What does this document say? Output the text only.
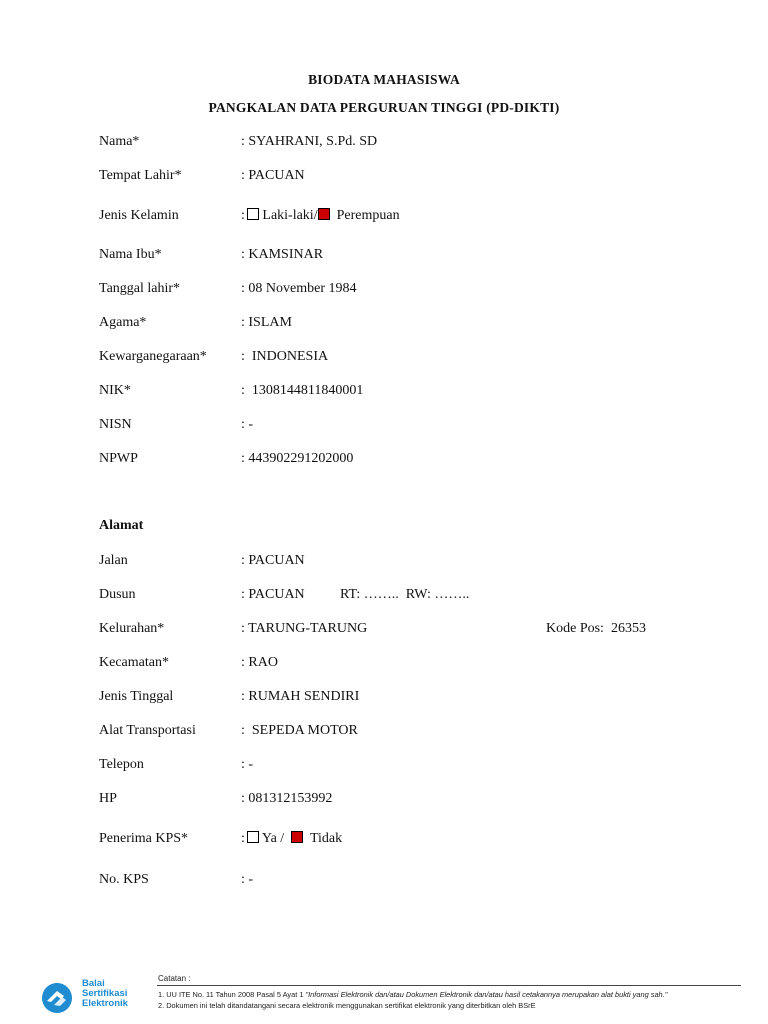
BIODATA MAHASISWA
PANGKALAN DATA PERGURUAN TINGGI (PD-DIKTI)
Nama*	: SYAHRANI, S.Pd. SD
Tempat Lahir*	: PACUAN
Jenis Kelamin	: Laki-laki/ Perempuan
Nama Ibu*	: KAMSINAR
Tanggal lahir*	: 08 November 1984
Agama*	: ISLAM
Kewarganegaraan* :  INDONESIA
NIK*	:  1308144811840001
NISN	: -
NPWP	: 443902291202000
Alamat
Jalan	: PACUAN
Dusun	: PACUAN	RT: ……..  RW: ……..
Kelurahan*	: TARUNG-TARUNG	Kode Pos:  26353
Kecamatan*	: RAO
Jenis Tinggal	: RUMAH SENDIRI
Alat Transportasi	:  SEPEDA MOTOR
Telepon	: -
HP	: 081312153992
Penerima KPS*	: Ya / Tidak
No. KPS	: -
Balai
Sertifikasi
Elektronik
Catatan :
1. UU ITE No. 11 Tahun 2008 Pasal 5 Ayat 1 "Informasi Elektronik dan/atau Dokumen Elektronik dan/atau hasil cetakannya merupakan alat bukti yang sah."
2. Dokumen ini telah ditandatangani secara elektronik menggunakan sertifikat elektronik yang diterbitkan oleh BSrE
